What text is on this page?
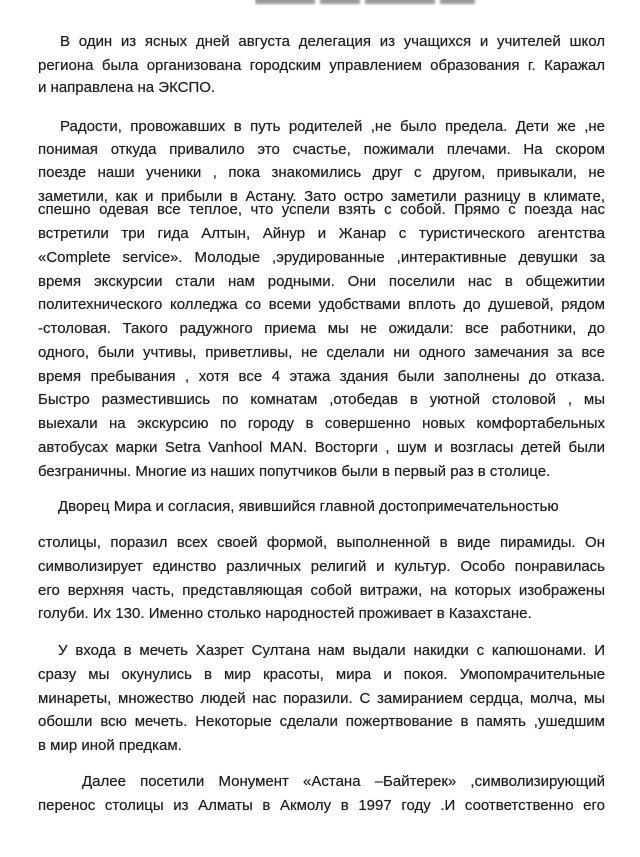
В один из ясных дней августа делегация из учащихся и учителей школ
региона была организована городским управлением образования г. Каражал
и направлена на ЭКСПО.
Радости, провожавших в путь родителей ,не было предела. Дети же ,не
понимая откуда привалило это счастье, пожимали плечами. На скором
поезде наши ученики , пока знакомились друг с другом, привыкали, не
заметили, как и прибыли в Астану. Зато остро заметили разницу в климате,
спешно одевая все теплое, что успели взять с собой. Прямо с поезда нас
встретили три гида Алтын, Айнур и Жанар с туристического агентства
«Complete service». Молодые ,эрудированные ,интерактивные девушки за
время экскурсии стали нам родными. Они поселили нас в общежитии
политехнического колледжа со всеми удобствами вплоть до душевой, рядом
-столовая. Такого радужного приема мы не ожидали: все работники, до
одного, были учтивы, приветливы, не сделали ни одного замечания за все
время пребывания , хотя все 4 этажа здания были заполнены до отказа.
Быстро разместившись по комнатам ,отобедав в уютной столовой , мы
выехали на экскурсию по городу в совершенно новых комфортабельных
автобусах марки Setra Vanhool MAN. Восторги , шум и возгласы детей были
безграничны. Многие из наших попутчиков были в первый раз в столице.
Дворец Мира и согласия, явившийся главной достопримечательностью
столицы, поразил всех своей формой, выполненной в виде пирамиды. Он
символизирует единство различных религий и культур. Особо понравилась
его верхняя часть, представляющая собой витражи, на которых изображены
голуби. Их 130. Именно столько народностей проживает в Казахстане.
У входа в мечеть Хазрет Султана нам выдали накидки с капюшонами. И
сразу мы окунулись в мир красоты, мира и покоя. Умопомрачительные
минареты, множество людей нас поразили. С замиранием сердца, молча, мы
обошли всю мечеть. Некоторые сделали пожертвование в память ,ушедшим
в мир иной предкам.
Далее посетили Монумент «Астана –Байтерек» ,символизирующий
перенос столицы из Алматы в Акмолу в 1997 году .И соответственно его
